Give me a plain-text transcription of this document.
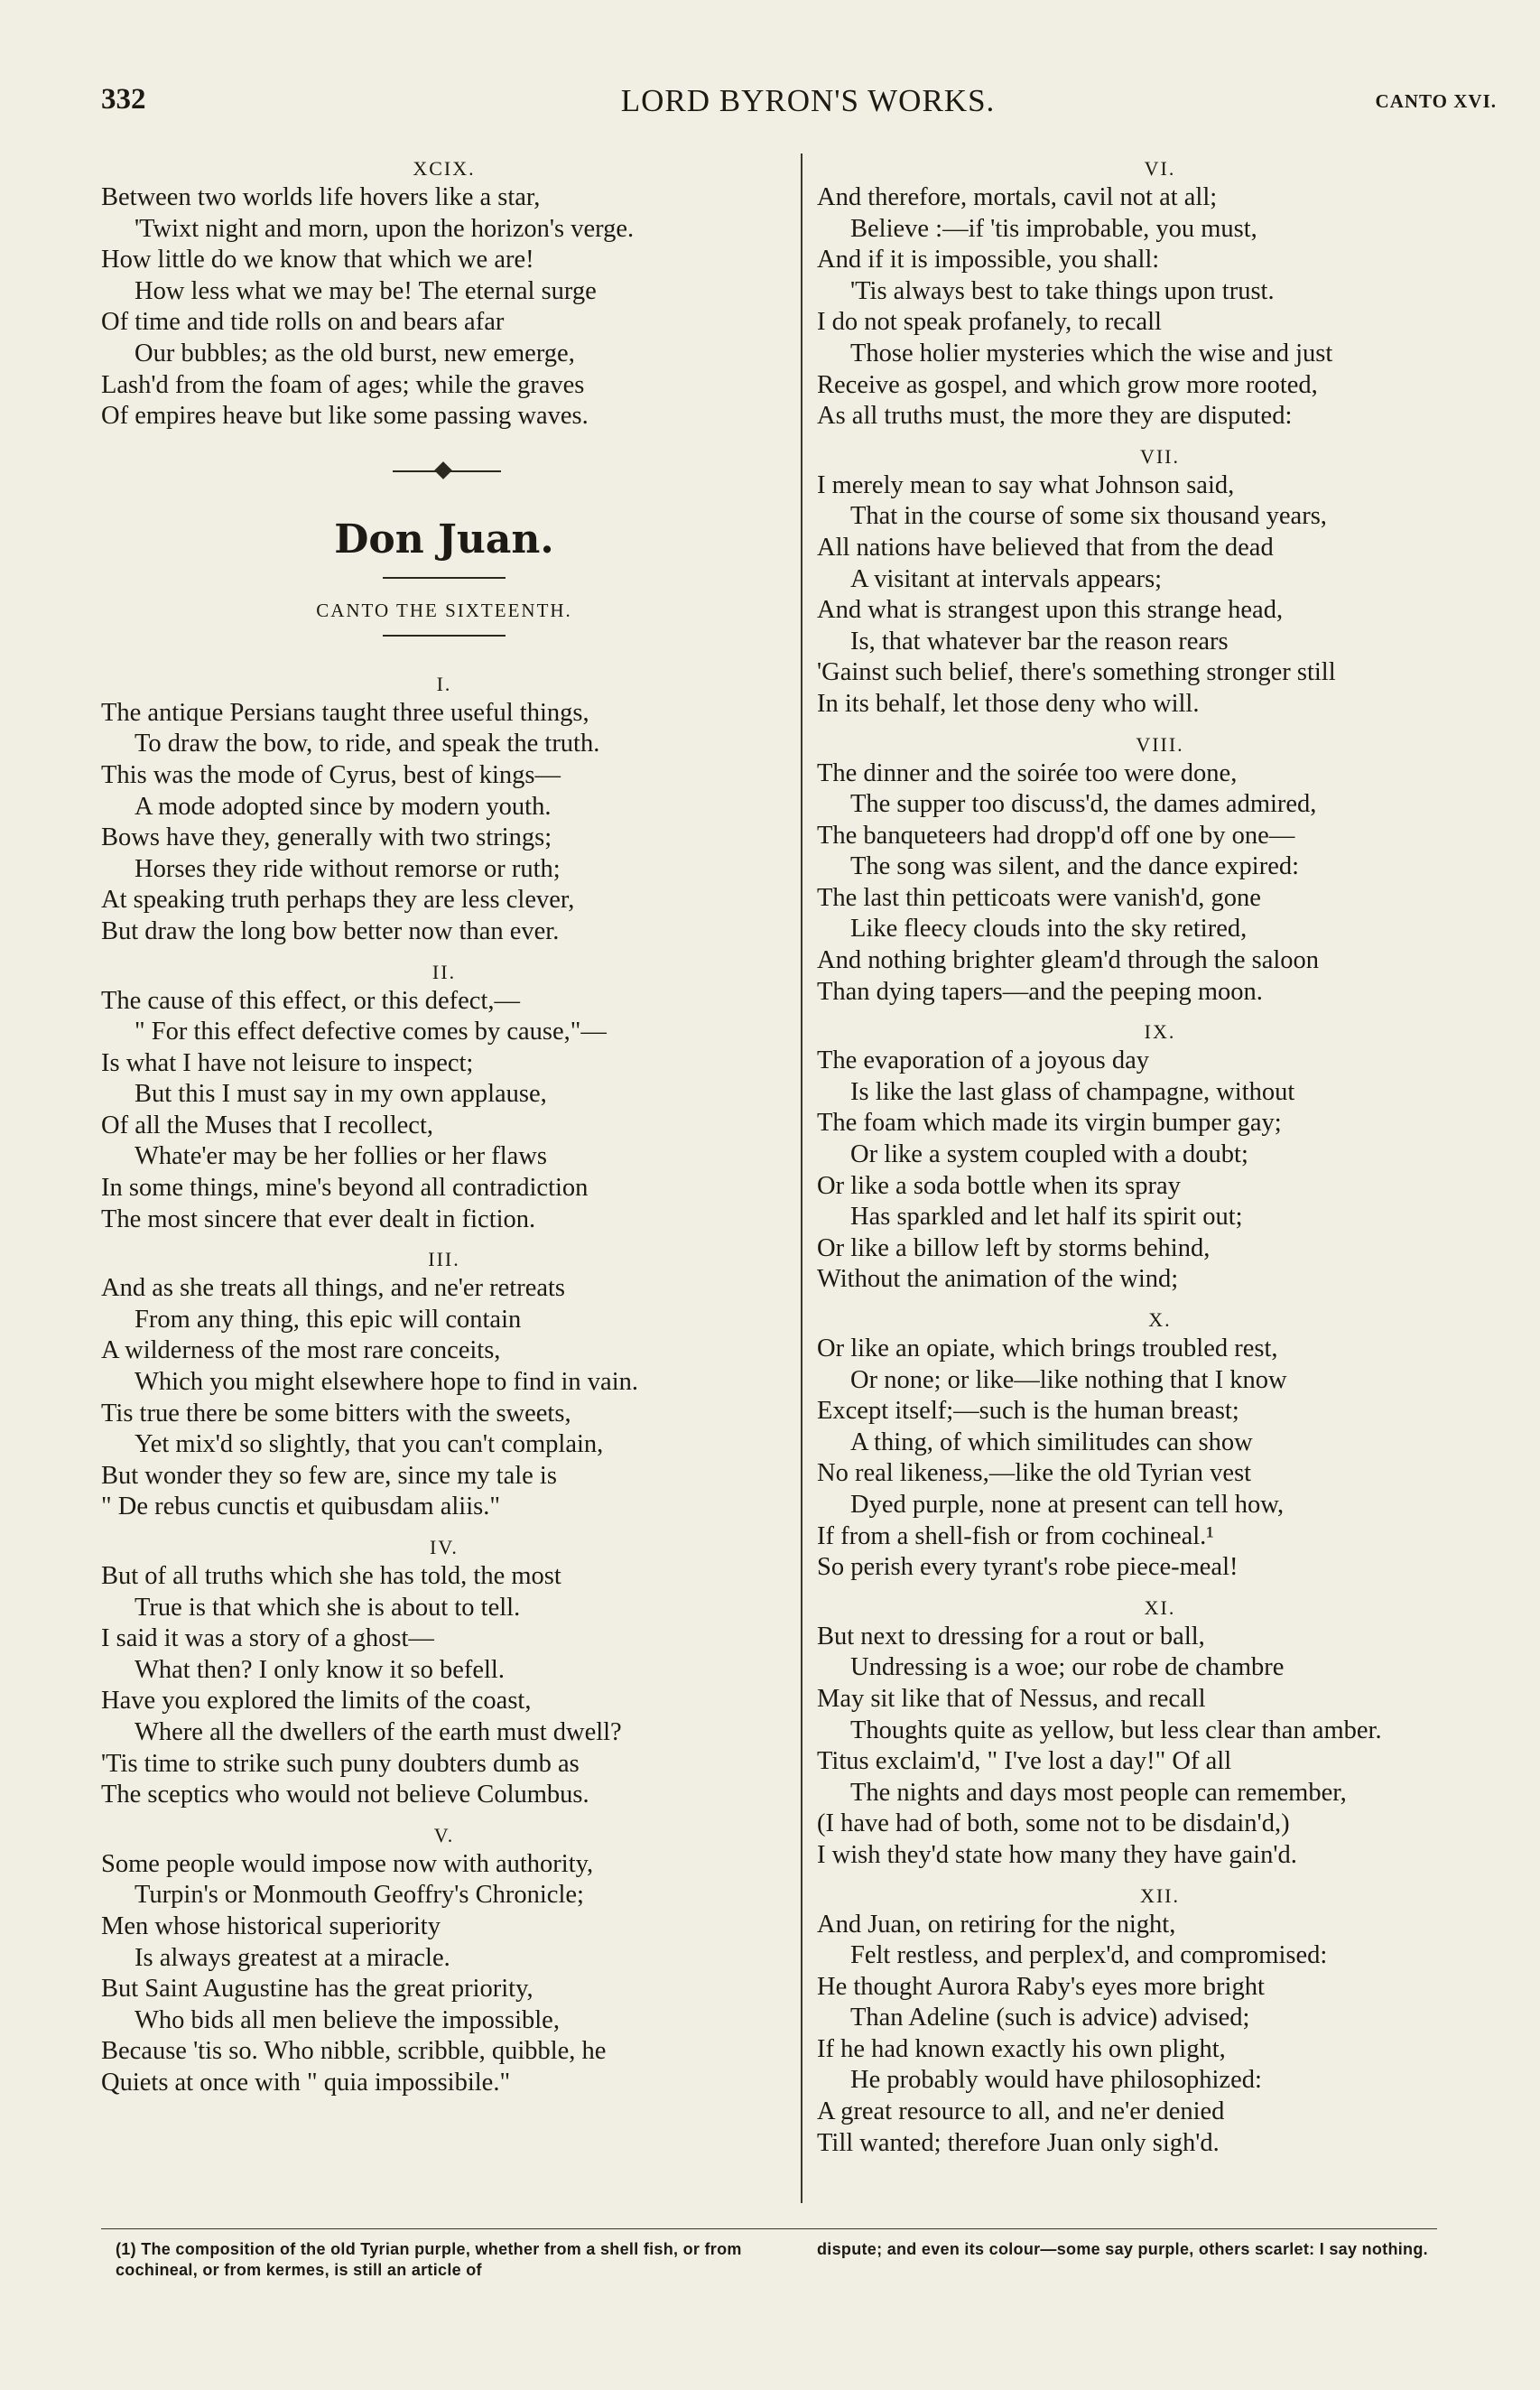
332	LORD BYRON'S WORKS.	CANTO XVI.
XCIX.
Between two worlds life hovers like a star,
'Twixt night and morn, upon the horizon's verge.
How little do we know that which we are!
How less what we may be! The eternal surge
Of time and tide rolls on and bears afar
Our bubbles; as the old burst, new emerge,
Lash'd from the foam of ages; while the graves
Of empires heave but like some passing waves.
Don Juan.
CANTO THE SIXTEENTH.
I.
The antique Persians taught three useful things,
To draw the bow, to ride, and speak the truth.
This was the mode of Cyrus, best of kings—
A mode adopted since by modern youth.
Bows have they, generally with two strings;
Horses they ride without remorse or ruth;
At speaking truth perhaps they are less clever,
But draw the long bow better now than ever.
II.
The cause of this effect, or this defect,—
" For this effect defective comes by cause,"—
Is what I have not leisure to inspect;
But this I must say in my own applause,
Of all the Muses that I recollect,
Whate'er may be her follies or her flaws
In some things, mine's beyond all contradiction
The most sincere that ever dealt in fiction.
III.
And as she treats all things, and ne'er retreats
From any thing, this epic will contain
A wilderness of the most rare conceits,
Which you might elsewhere hope to find in vain.
Tis true there be some bitters with the sweets,
Yet mix'd so slightly, that you can't complain,
But wonder they so few are, since my tale is
" De rebus cunctis et quibusdam aliis."
IV.
But of all truths which she has told, the most
True is that which she is about to tell.
I said it was a story of a ghost—
What then? I only know it so befell.
Have you explored the limits of the coast,
Where all the dwellers of the earth must dwell?
'Tis time to strike such puny doubters dumb as
The sceptics who would not believe Columbus.
V.
Some people would impose now with authority,
Turpin's or Monmouth Geoffry's Chronicle;
Men whose historical superiority
Is always greatest at a miracle.
But Saint Augustine has the great priority,
Who bids all men believe the impossible,
Because 'tis so. Who nibble, scribble, quibble, he
Quiets at once with " quia impossibile."
VI.
And therefore, mortals, cavil not at all;
Believe :—if 'tis improbable, you must,
And if it is impossible, you shall:
'Tis always best to take things upon trust.
I do not speak profanely, to recall
Those holier mysteries which the wise and just
Receive as gospel, and which grow more rooted,
As all truths must, the more they are disputed:
VII.
I merely mean to say what Johnson said,
That in the course of some six thousand years,
All nations have believed that from the dead
A visitant at intervals appears;
And what is strangest upon this strange head,
Is, that whatever bar the reason rears
'Gainst such belief, there's something stronger still
In its behalf, let those deny who will.
VIII.
The dinner and the soirée too were done,
The supper too discuss'd, the dames admired,
The banqueteers had dropp'd off one by one—
The song was silent, and the dance expired:
The last thin petticoats were vanish'd, gone
Like fleecy clouds into the sky retired,
And nothing brighter gleam'd through the saloon
Than dying tapers—and the peeping moon.
IX.
The evaporation of a joyous day
Is like the last glass of champagne, without
The foam which made its virgin bumper gay;
Or like a system coupled with a doubt;
Or like a soda bottle when its spray
Has sparkled and let half its spirit out;
Or like a billow left by storms behind,
Without the animation of the wind;
X.
Or like an opiate, which brings troubled rest,
Or none; or like—like nothing that I know
Except itself;—such is the human breast;
A thing, of which similitudes can show
No real likeness,—like the old Tyrian vest
Dyed purple, none at present can tell how,
If from a shell-fish or from cochineal.¹
So perish every tyrant's robe piece-meal!
XI.
But next to dressing for a rout or ball,
Undressing is a woe; our robe de chambre
May sit like that of Nessus, and recall
Thoughts quite as yellow, but less clear than amber.
Titus exclaim'd, " I've lost a day!" Of all
The nights and days most people can remember,
(I have had of both, some not to be disdain'd,)
I wish they'd state how many they have gain'd.
XII.
And Juan, on retiring for the night,
Felt restless, and perplex'd, and compromised:
He thought Aurora Raby's eyes more bright
Than Adeline (such is advice) advised;
If he had known exactly his own plight,
He probably would have philosophized:
A great resource to all, and ne'er denied
Till wanted; therefore Juan only sigh'd.
(1) The composition of the old Tyrian purple, whether from a shell fish, or from cochineal, or from kermes, is still an article of
dispute; and even its colour—some say purple, others scarlet: I say nothing.
